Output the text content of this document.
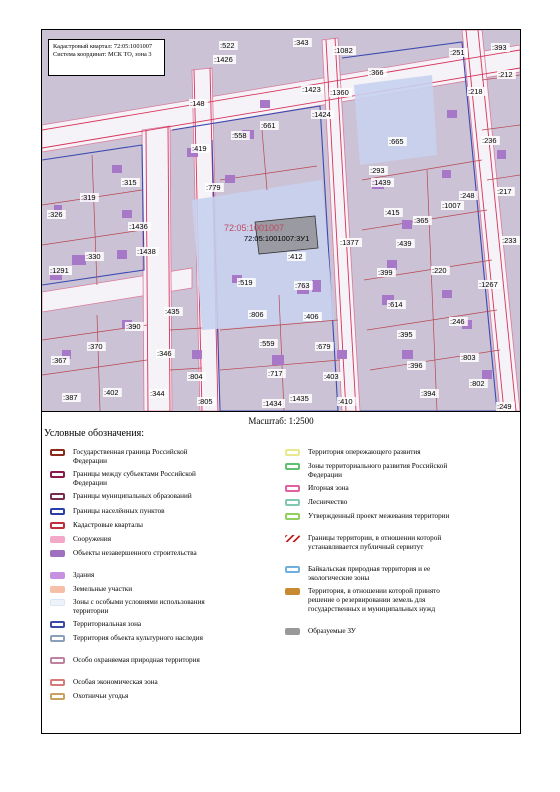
:522	:343
:1082	:251
:393
:1426
:366	:212
:1423 :1360	:218
:148
:1424
:661
:558
:665	:236
:419
:293
:315
:779
:1439
:248	:217
:319
:1007
:326	:415
:365
:1436
:1377	:439	:233
:330
:1438
:412
:399	:220
:1291
:519	:763	:1267
:614
:435	:806	:406
:246
:390
:395
:367
:370	:559	:679
:346
:396
:803
:804	:717	:403
:802
:387
:402	:344
:805	:1434
:1435	:410
:394
:249
72:05:1001007
72:05:1001007:3У1
Кадастровый квартал: 72:05:1001007
Система координат: МСК ТО, зона 3
Масштаб: 1:2500
Условные обозначения:
Государственная граница Российской Федерации
Границы между субъектами Российской Федерации
Границы муниципальных образований
Границы населённых пунктов
Кадастровые кварталы
Сооружения
Объекты незавершенного строительства
Здания
Земельные участки
Зоны с особыми условиями использования территории
Территориальная зона
Территория объекта культурного наследия
Особо охраняемая природная территория
Особая экономическая зона
Охотничьи угодья
Территория опережающего развития
Зоны территориального развития Российской Федерации
Игорная зона
Лесничество
Утвержденный проект межевания территории
Границы территории, в отношении которой устанавливается публичный сервитут
Байкальская природная территория и ее экологические зоны
Территория, в отношении которой принято решение о резервировании земель для государственных и муниципальных нужд
Образуемые ЗУ
